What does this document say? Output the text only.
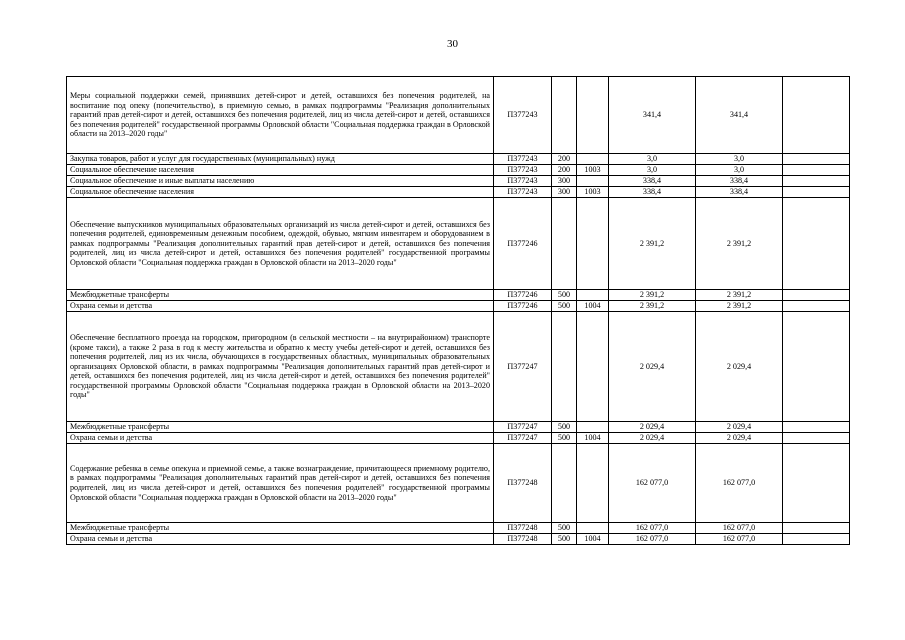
30
Меры социальной поддержки семей, принявших детей-сирот и детей, оставшихся без попечения родителей, на воспитание под опеку (попечительство), в приемную семью, в рамках подпрограммы "Реализация дополнительных гарантий прав детей-сирот и детей, оставшихся без попечения родителей, лиц из числа детей-сирот и детей, оставшихся без попечения родителей" государственной программы Орловской области "Социальная поддержка граждан в Орловской области на 2013–2020 годы"	П377243			341,4	341,4	
Закупка товаров, работ и услуг для государственных (муниципальных) нужд	П377243	200		3,0	3,0	
Социальное обеспечение населения	П377243	200	1003	3,0	3,0	
Социальное обеспечение и иные выплаты населению	П377243	300		338,4	338,4	
Социальное обеспечение населения	П377243	300	1003	338,4	338,4	
Обеспечение выпускников муниципальных образовательных организаций из числа детей-сирот и детей, оставшихся без попечения родителей, единовременным денежным пособием, одеждой, обувью, мягким инвентарем и оборудованием в рамках подпрограммы "Реализация дополнительных гарантий прав детей-сирот и детей, оставшихся без попечения родителей, лиц из числа детей-сирот и детей, оставшихся без попечения родителей" государственной программы Орловской области "Социальная поддержка граждан в Орловской области на 2013–2020 годы"	П377246			2 391,2	2 391,2	
Межбюджетные трансферты	П377246	500		2 391,2	2 391,2	
Охрана семьи и детства	П377246	500	1004	2 391,2	2 391,2	
Обеспечение бесплатного проезда на городском, пригородном (в сельской местности – на внутрирайонном) транспорте (кроме такси), а также 2 раза в год к месту жительства и обратно к месту учебы детей-сирот и детей, оставшихся без попечения родителей, лиц из их числа, обучающихся в государственных областных, муниципальных образовательных организациях Орловской области, в рамках подпрограммы "Реализация дополнительных гарантий прав детей-сирот и детей, оставшихся без попечения родителей, лиц из числа детей-сирот и детей, оставшихся без попечения родителей" государственной программы Орловской области "Социальная поддержка граждан в Орловской области на 2013–2020 годы"	П377247			2 029,4	2 029,4	
Межбюджетные трансферты	П377247	500		2 029,4	2 029,4	
Охрана семьи и детства	П377247	500	1004	2 029,4	2 029,4	
Содержание ребенка в семье опекуна и приемной семье, а также вознаграждение, причитающееся приемному родителю, в рамках подпрограммы "Реализация дополнительных гарантий прав детей-сирот и детей, оставшихся без попечения родителей, лиц из числа детей-сирот и детей, оставшихся без попечения родителей" государственной программы Орловской области "Социальная поддержка граждан в Орловской области на 2013–2020 годы"	П377248			162 077,0	162 077,0	
Межбюджетные трансферты	П377248	500		162 077,0	162 077,0	
Охрана семьи и детства	П377248	500	1004	162 077,0	162 077,0	
